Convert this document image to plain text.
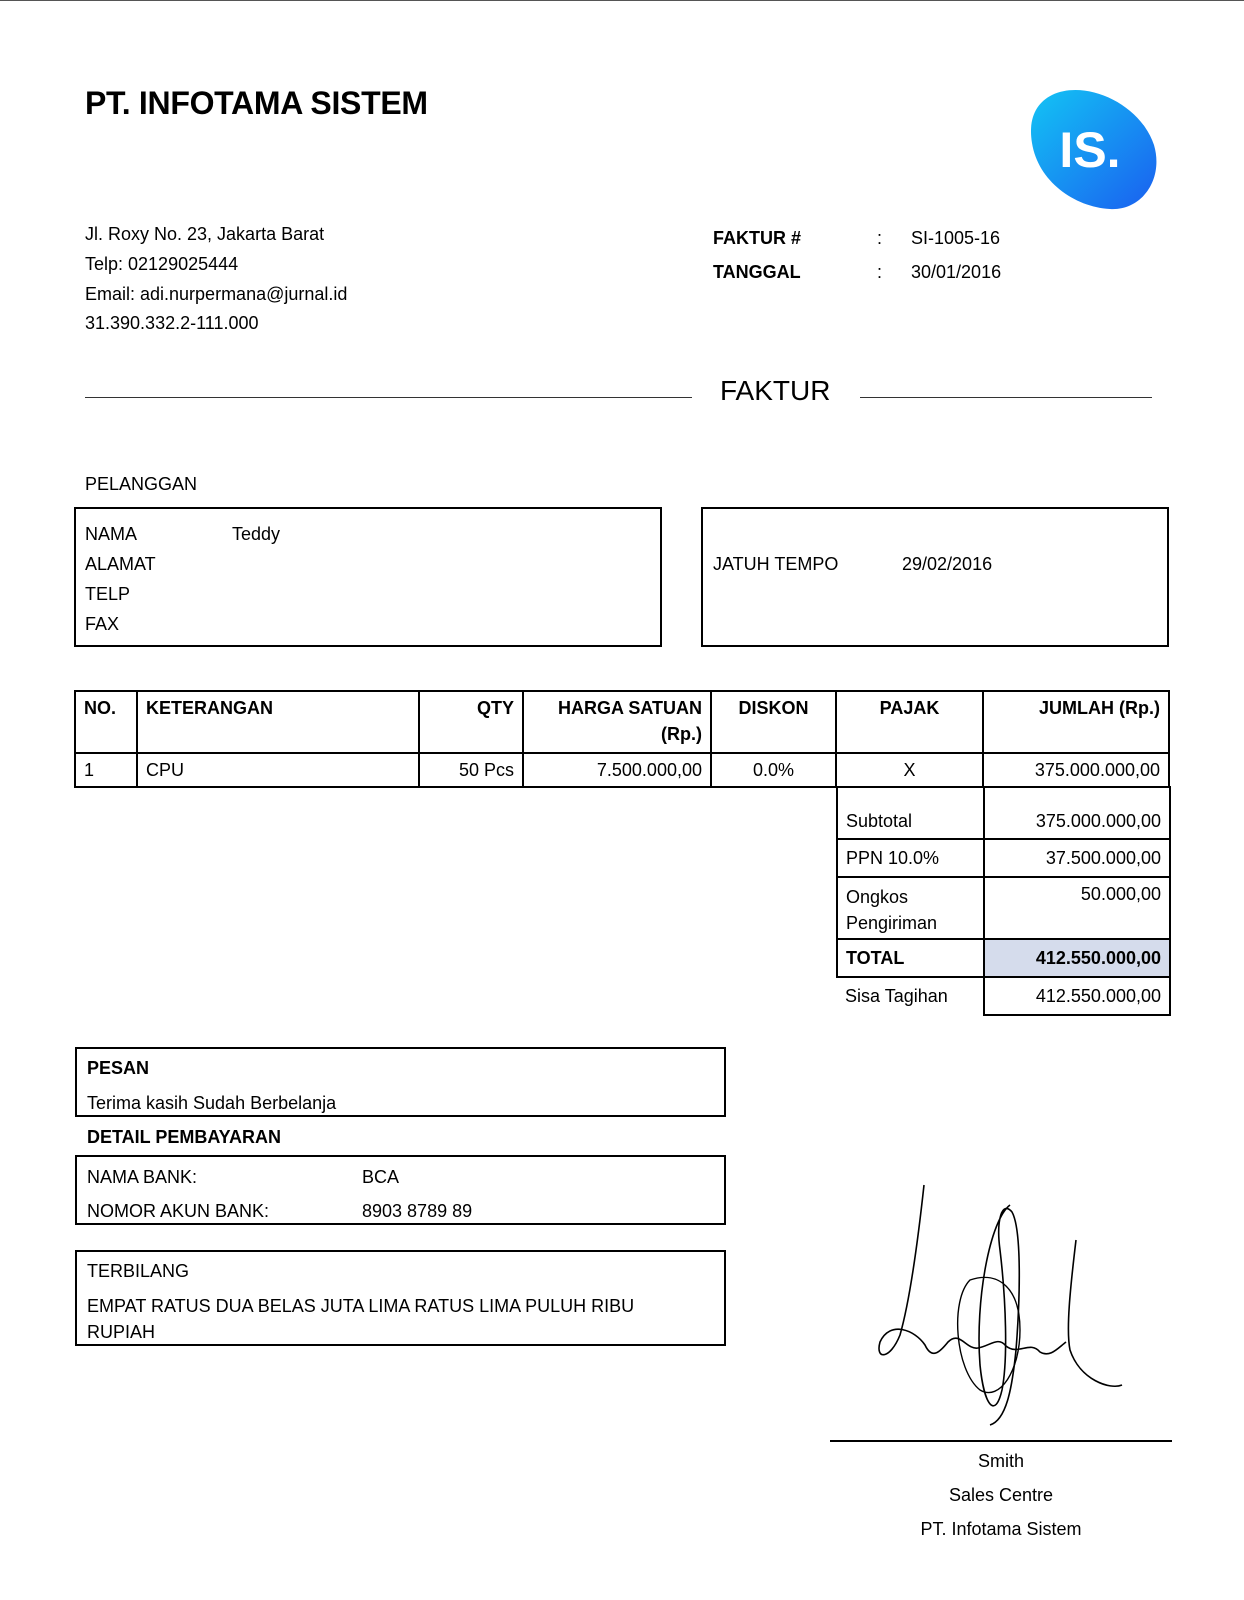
PT. INFOTAMA SISTEM
IS.
Jl. Roxy No. 23, Jakarta Barat
Telp: 02129025444
Email: adi.nurpermana@jurnal.id
31.390.332.2-111.000
FAKTUR #	: SI-1005-16
TANGGAL	: 30/01/2016
FAKTUR
PELANGGAN
NAMA	Teddy
ALAMAT
TELP
FAX
JATUH TEMPO	29/02/2016
NO.	KETERANGAN	QTY	HARGA SATUAN (Rp.)	DISKON	PAJAK	JUMLAH (Rp.)
1	CPU	50 Pcs	7.500.000,00	0.0%	X	375.000.000,00
Subtotal	375.000.000,00
PPN 10.0%	37.500.000,00
Ongkos Pengiriman	50.000,00
TOTAL	412.550.000,00
Sisa Tagihan	412.550.000,00
PESAN
Terima kasih Sudah Berbelanja
DETAIL PEMBAYARAN
NAMA BANK:	BCA
NOMOR AKUN BANK:	8903 8789 89
TERBILANG
EMPAT RATUS DUA BELAS JUTA LIMA RATUS LIMA PULUH RIBU RUPIAH
Smith
Sales Centre
PT. Infotama Sistem
